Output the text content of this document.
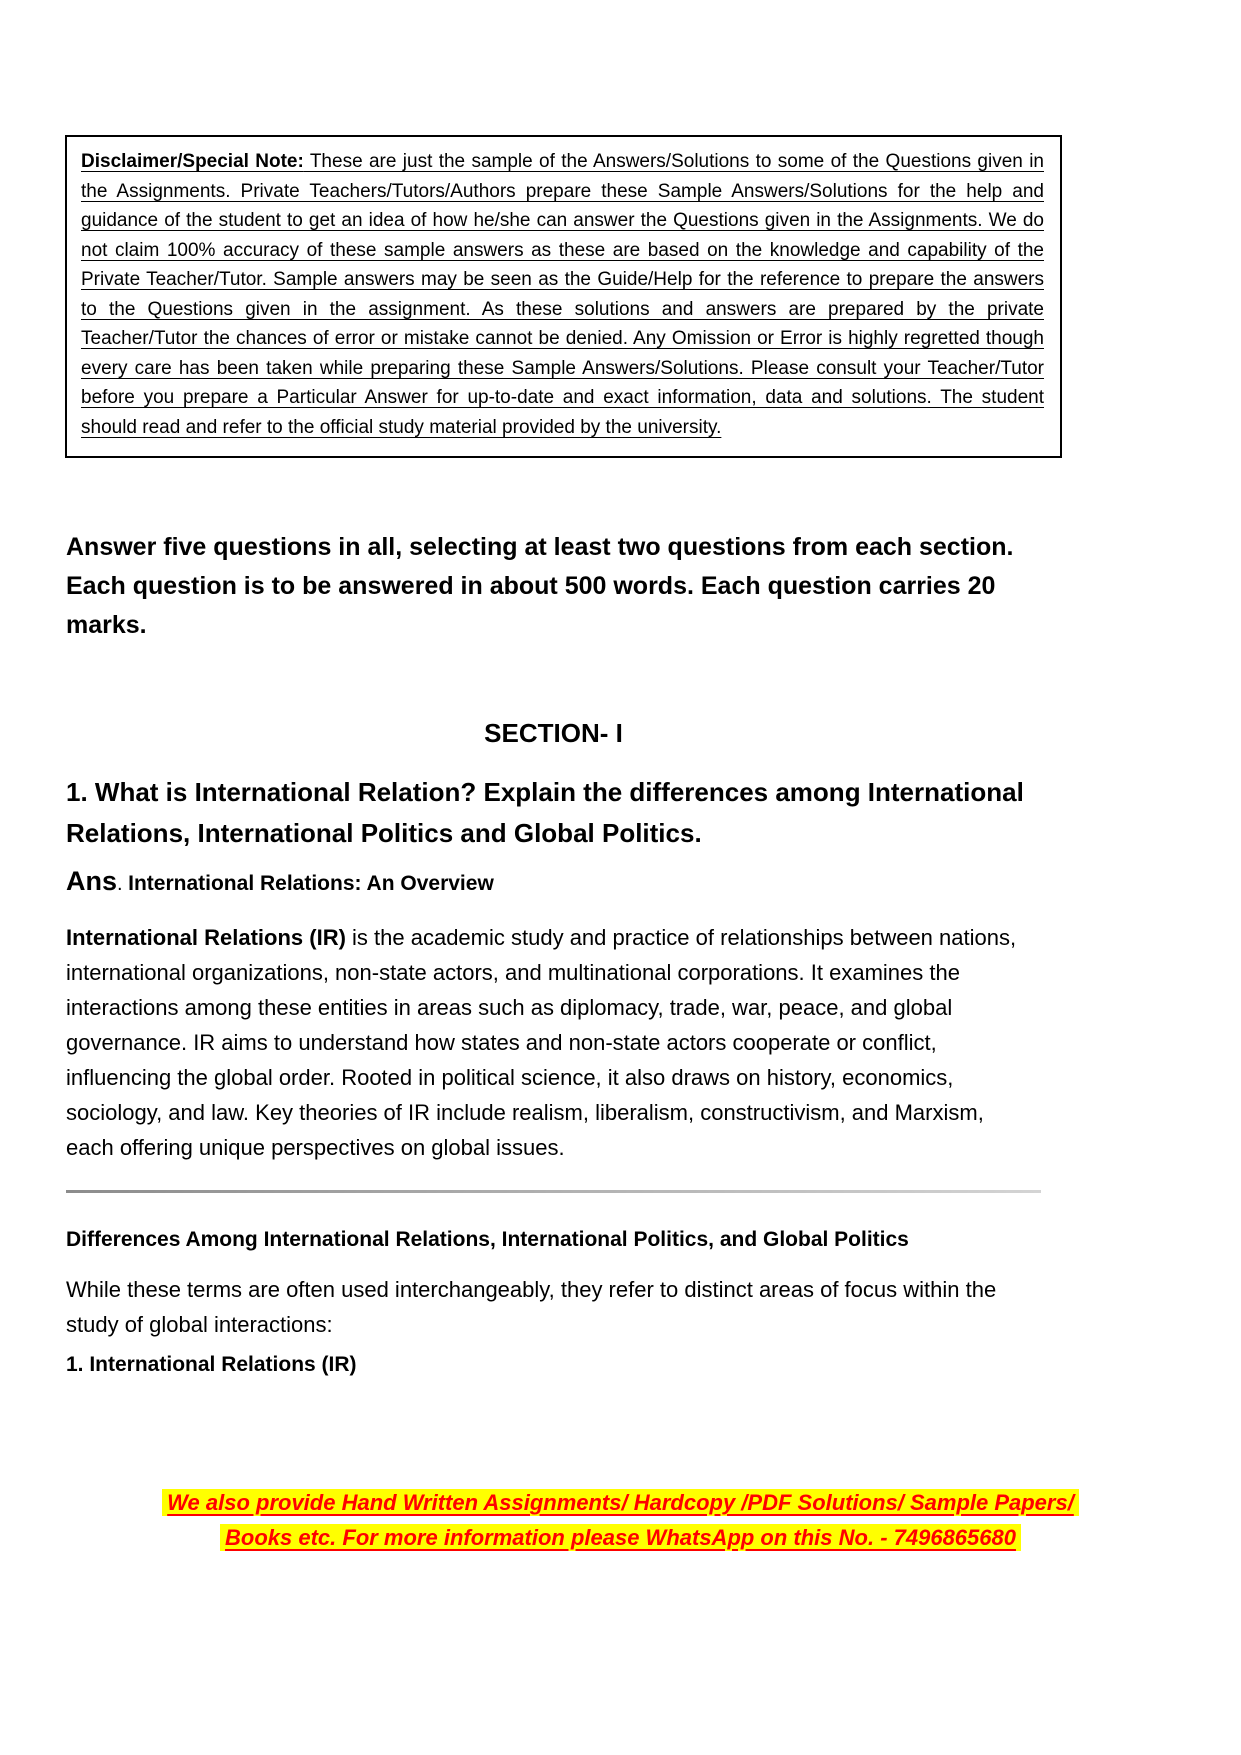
Disclaimer/Special Note: These are just the sample of the Answers/Solutions to some of the Questions given in the Assignments. Private Teachers/Tutors/Authors prepare these Sample Answers/Solutions for the help and guidance of the student to get an idea of how he/she can answer the Questions given in the Assignments. We do not claim 100% accuracy of these sample answers as these are based on the knowledge and capability of the Private Teacher/Tutor. Sample answers may be seen as the Guide/Help for the reference to prepare the answers to the Questions given in the assignment. As these solutions and answers are prepared by the private Teacher/Tutor the chances of error or mistake cannot be denied. Any Omission or Error is highly regretted though every care has been taken while preparing these Sample Answers/Solutions. Please consult your Teacher/Tutor before you prepare a Particular Answer for up-to-date and exact information, data and solutions. The student should read and refer to the official study material provided by the university.
Answer five questions in all, selecting at least two questions from each section. Each question is to be answered in about 500 words. Each question carries 20 marks.
SECTION- I
1. What is International Relation? Explain the differences among International Relations, International Politics and Global Politics.
Ans. International Relations: An Overview
International Relations (IR) is the academic study and practice of relationships between nations, international organizations, non-state actors, and multinational corporations. It examines the interactions among these entities in areas such as diplomacy, trade, war, peace, and global governance. IR aims to understand how states and non-state actors cooperate or conflict, influencing the global order. Rooted in political science, it also draws on history, economics, sociology, and law. Key theories of IR include realism, liberalism, constructivism, and Marxism, each offering unique perspectives on global issues.
Differences Among International Relations, International Politics, and Global Politics
While these terms are often used interchangeably, they refer to distinct areas of focus within the study of global interactions:
1. International Relations (IR)
We also provide Hand Written Assignments/ Hardcopy /PDF Solutions/ Sample Papers/
Books etc. For more information please WhatsApp on this No. - 7496865680
